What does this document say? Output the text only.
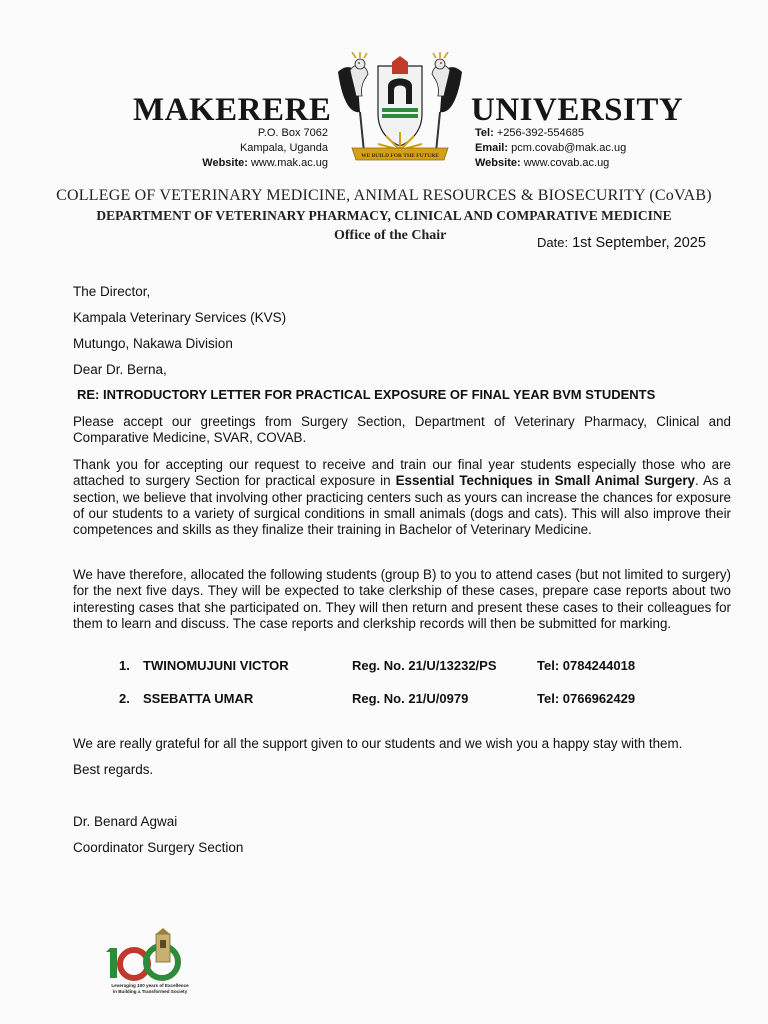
MAKERERE	UNIVERSITY
P.O. Box 7062
Kampala, Uganda
Website: www.mak.ac.ug
Tel: +256-392-554685
Email: pcm.covab@mak.ac.ug
Website: www.covab.ac.ug
WE BUILD FOR THE FUTURE
COLLEGE OF VETERINARY MEDICINE, ANIMAL RESOURCES & BIOSECURITY (CoVAB)
DEPARTMENT OF VETERINARY PHARMACY, CLINICAL AND COMPARATIVE MEDICINE
Office of the Chair	Date: 1st September, 2025
The Director,
Kampala Veterinary Services (KVS)
Mutungo, Nakawa Division
Dear Dr. Berna,
RE: INTRODUCTORY LETTER FOR PRACTICAL EXPOSURE OF FINAL YEAR BVM STUDENTS
Please accept our greetings from Surgery Section, Department of Veterinary Pharmacy, Clinical and Comparative Medicine, SVAR, COVAB.
Thank you for accepting our request to receive and train our final year students especially those who are attached to surgery Section for practical exposure in Essential Techniques in Small Animal Surgery. As a section, we believe that involving other practicing centers such as yours can increase the chances for exposure of our students to a variety of surgical conditions in small animals (dogs and cats). This will also improve their competences and skills as they finalize their training in Bachelor of Veterinary Medicine.
We have therefore, allocated the following students (group B) to you to attend cases (but not limited to surgery) for the next five days. They will be expected to take clerkship of these cases, prepare case reports about two interesting cases that she participated on. They will then return and present these cases to their colleagues for them to learn and discuss. The case reports and clerkship records will then be submitted for marking.
1. TWINOMUJUNI VICTOR	Reg. No. 21/U/13232/PS	Tel: 0784244018
2. SSEBATTA UMAR	Reg. No. 21/U/0979	Tel: 0766962429
We are really grateful for all the support given to our students and we wish you a happy stay with them.
Best regards.
Dr. Benard Agwai
Coordinator Surgery Section
Leveraging 100 years of Excellence
in Building a Transformed Society
